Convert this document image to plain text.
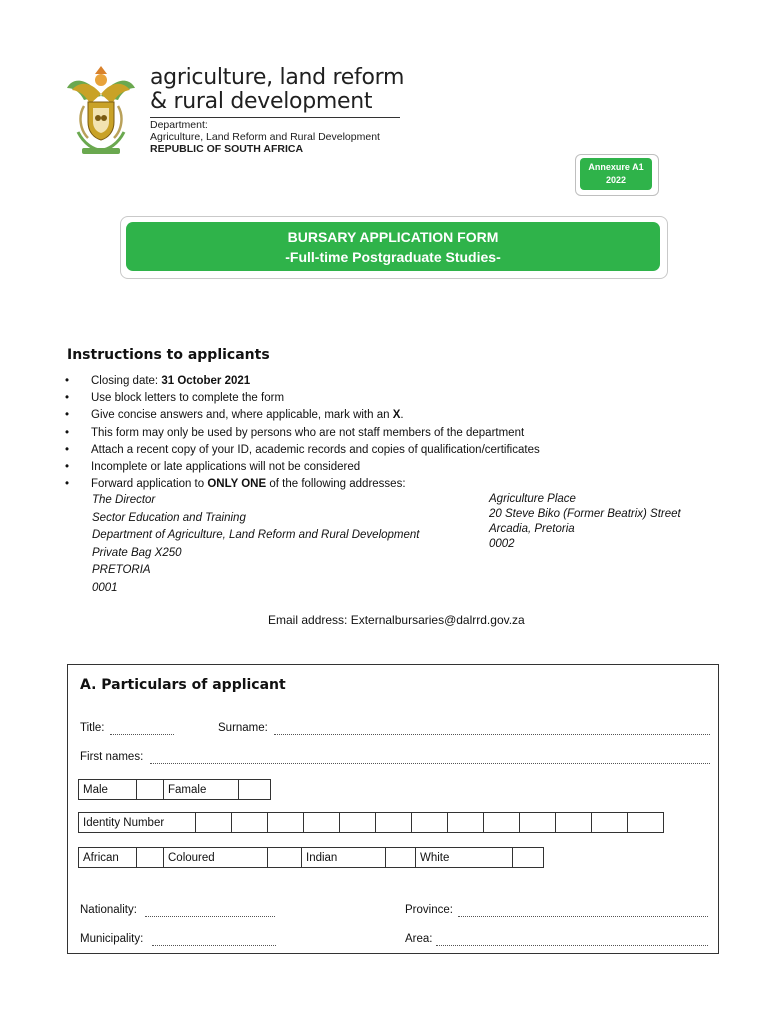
agriculture, land reform
& rural development
Department:
Agriculture, Land Reform and Rural Development
REPUBLIC OF SOUTH AFRICA
Annexure A1
2022
BURSARY APPLICATION FORM
-Full-time Postgraduate Studies-
Instructions to applicants
• Closing date: 31 October 2021
• Use block letters to complete the form
• Give concise answers and, where applicable, mark with an X.
• This form may only be used by persons who are not staff members of the department
• Attach a recent copy of your ID, academic records and copies of qualification/certificates
• Incomplete or late applications will not be considered
• Forward application to ONLY ONE of the following addresses:
The Director
Sector Education and Training
Department of Agriculture, Land Reform and Rural Development
Private Bag X250
PRETORIA
0001
Agriculture Place
20 Steve Biko (Former Beatrix) Street
Arcadia, Pretoria
0002
Email address: Externalbursaries@dalrrd.gov.za
A. Particulars of applicant
Title:	Surname:
First names:
Male		Famale	
Identity Number													
African		Coloured		Indian		White	
Nationality:	Province:
Municipality:	Area:
